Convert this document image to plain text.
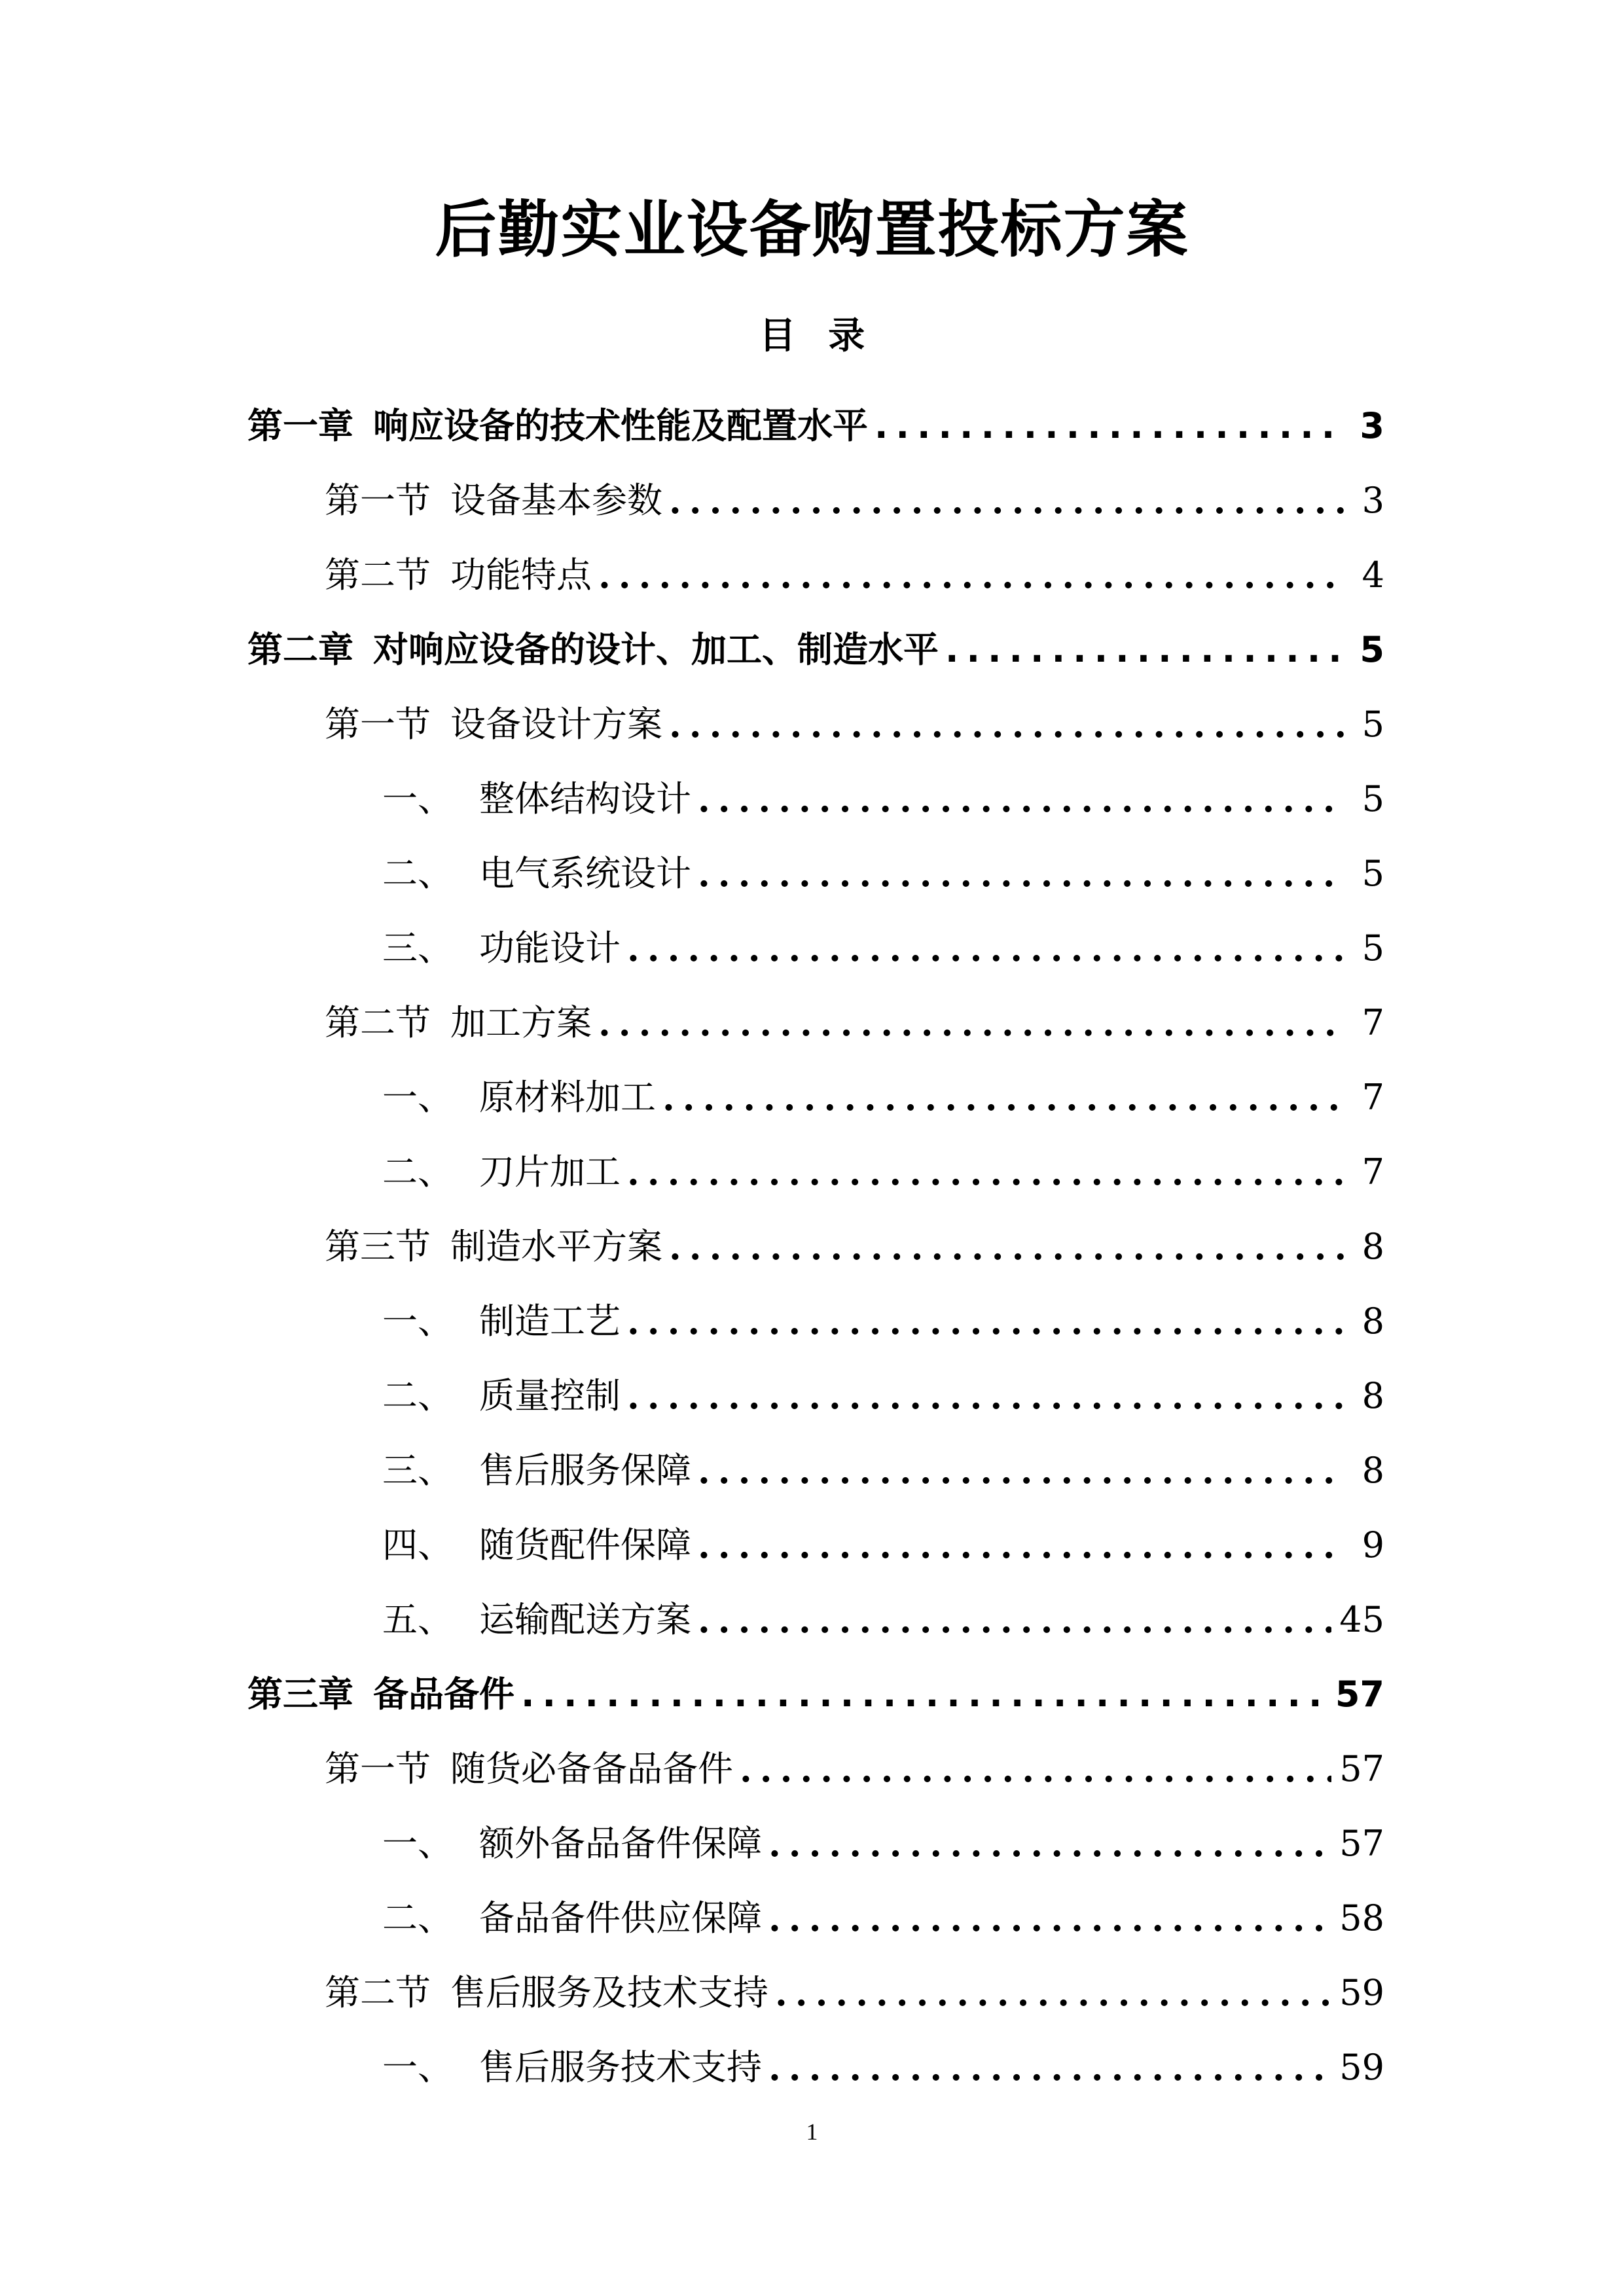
后勤实业设备购置投标方案
目 录
第一章 响应设备的技术性能及配置水平 .....	3
第一节 设备基本参数 .....	3
第二节 功能特点 .....	4
第二章 对响应设备的设计、加工、制造水平 .....	5
第一节 设备设计方案 .....	5
一、 整体结构设计 .....	5
二、 电气系统设计 .....	5
三、 功能设计 .....	5
第二节 加工方案 .....	7
一、 原材料加工 .....	7
二、 刀片加工 .....	7
第三节 制造水平方案 .....	8
一、 制造工艺 .....	8
二、 质量控制 .....	8
三、 售后服务保障 .....	8
四、 随货配件保障 .....	9
五、 运输配送方案 .....	45
第三章 备品备件 .....	57
第一节 随货必备备品备件 .....	57
一、 额外备品备件保障 .....	57
二、 备品备件供应保障 .....	58
第二节 售后服务及技术支持 .....	59
一、 售后服务技术支持 .....	59
1
